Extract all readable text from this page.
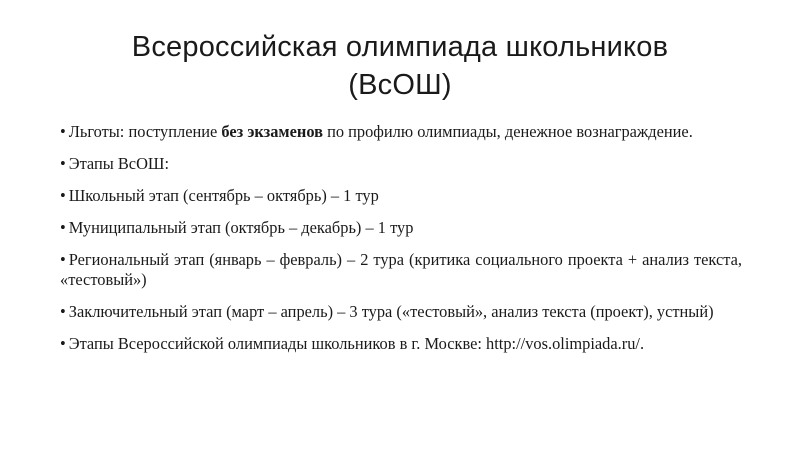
Всероссийская олимпиада школьников
(ВсОШ)
• Льготы: поступление без экзаменов по профилю олимпиады, денежное вознаграждение.
• Этапы ВсОШ:
• Школьный этап (сентябрь – октябрь) – 1 тур
• Муниципальный этап (октябрь – декабрь) – 1 тур
• Региональный этап (январь – февраль) – 2 тура (критика социального проекта + анализ текста, «тестовый»)
• Заключительный этап (март – апрель) – 3 тура («тестовый», анализ текста (проект), устный)
• Этапы Всероссийской олимпиады школьников в г. Москве: http://vos.olimpiada.ru/.
